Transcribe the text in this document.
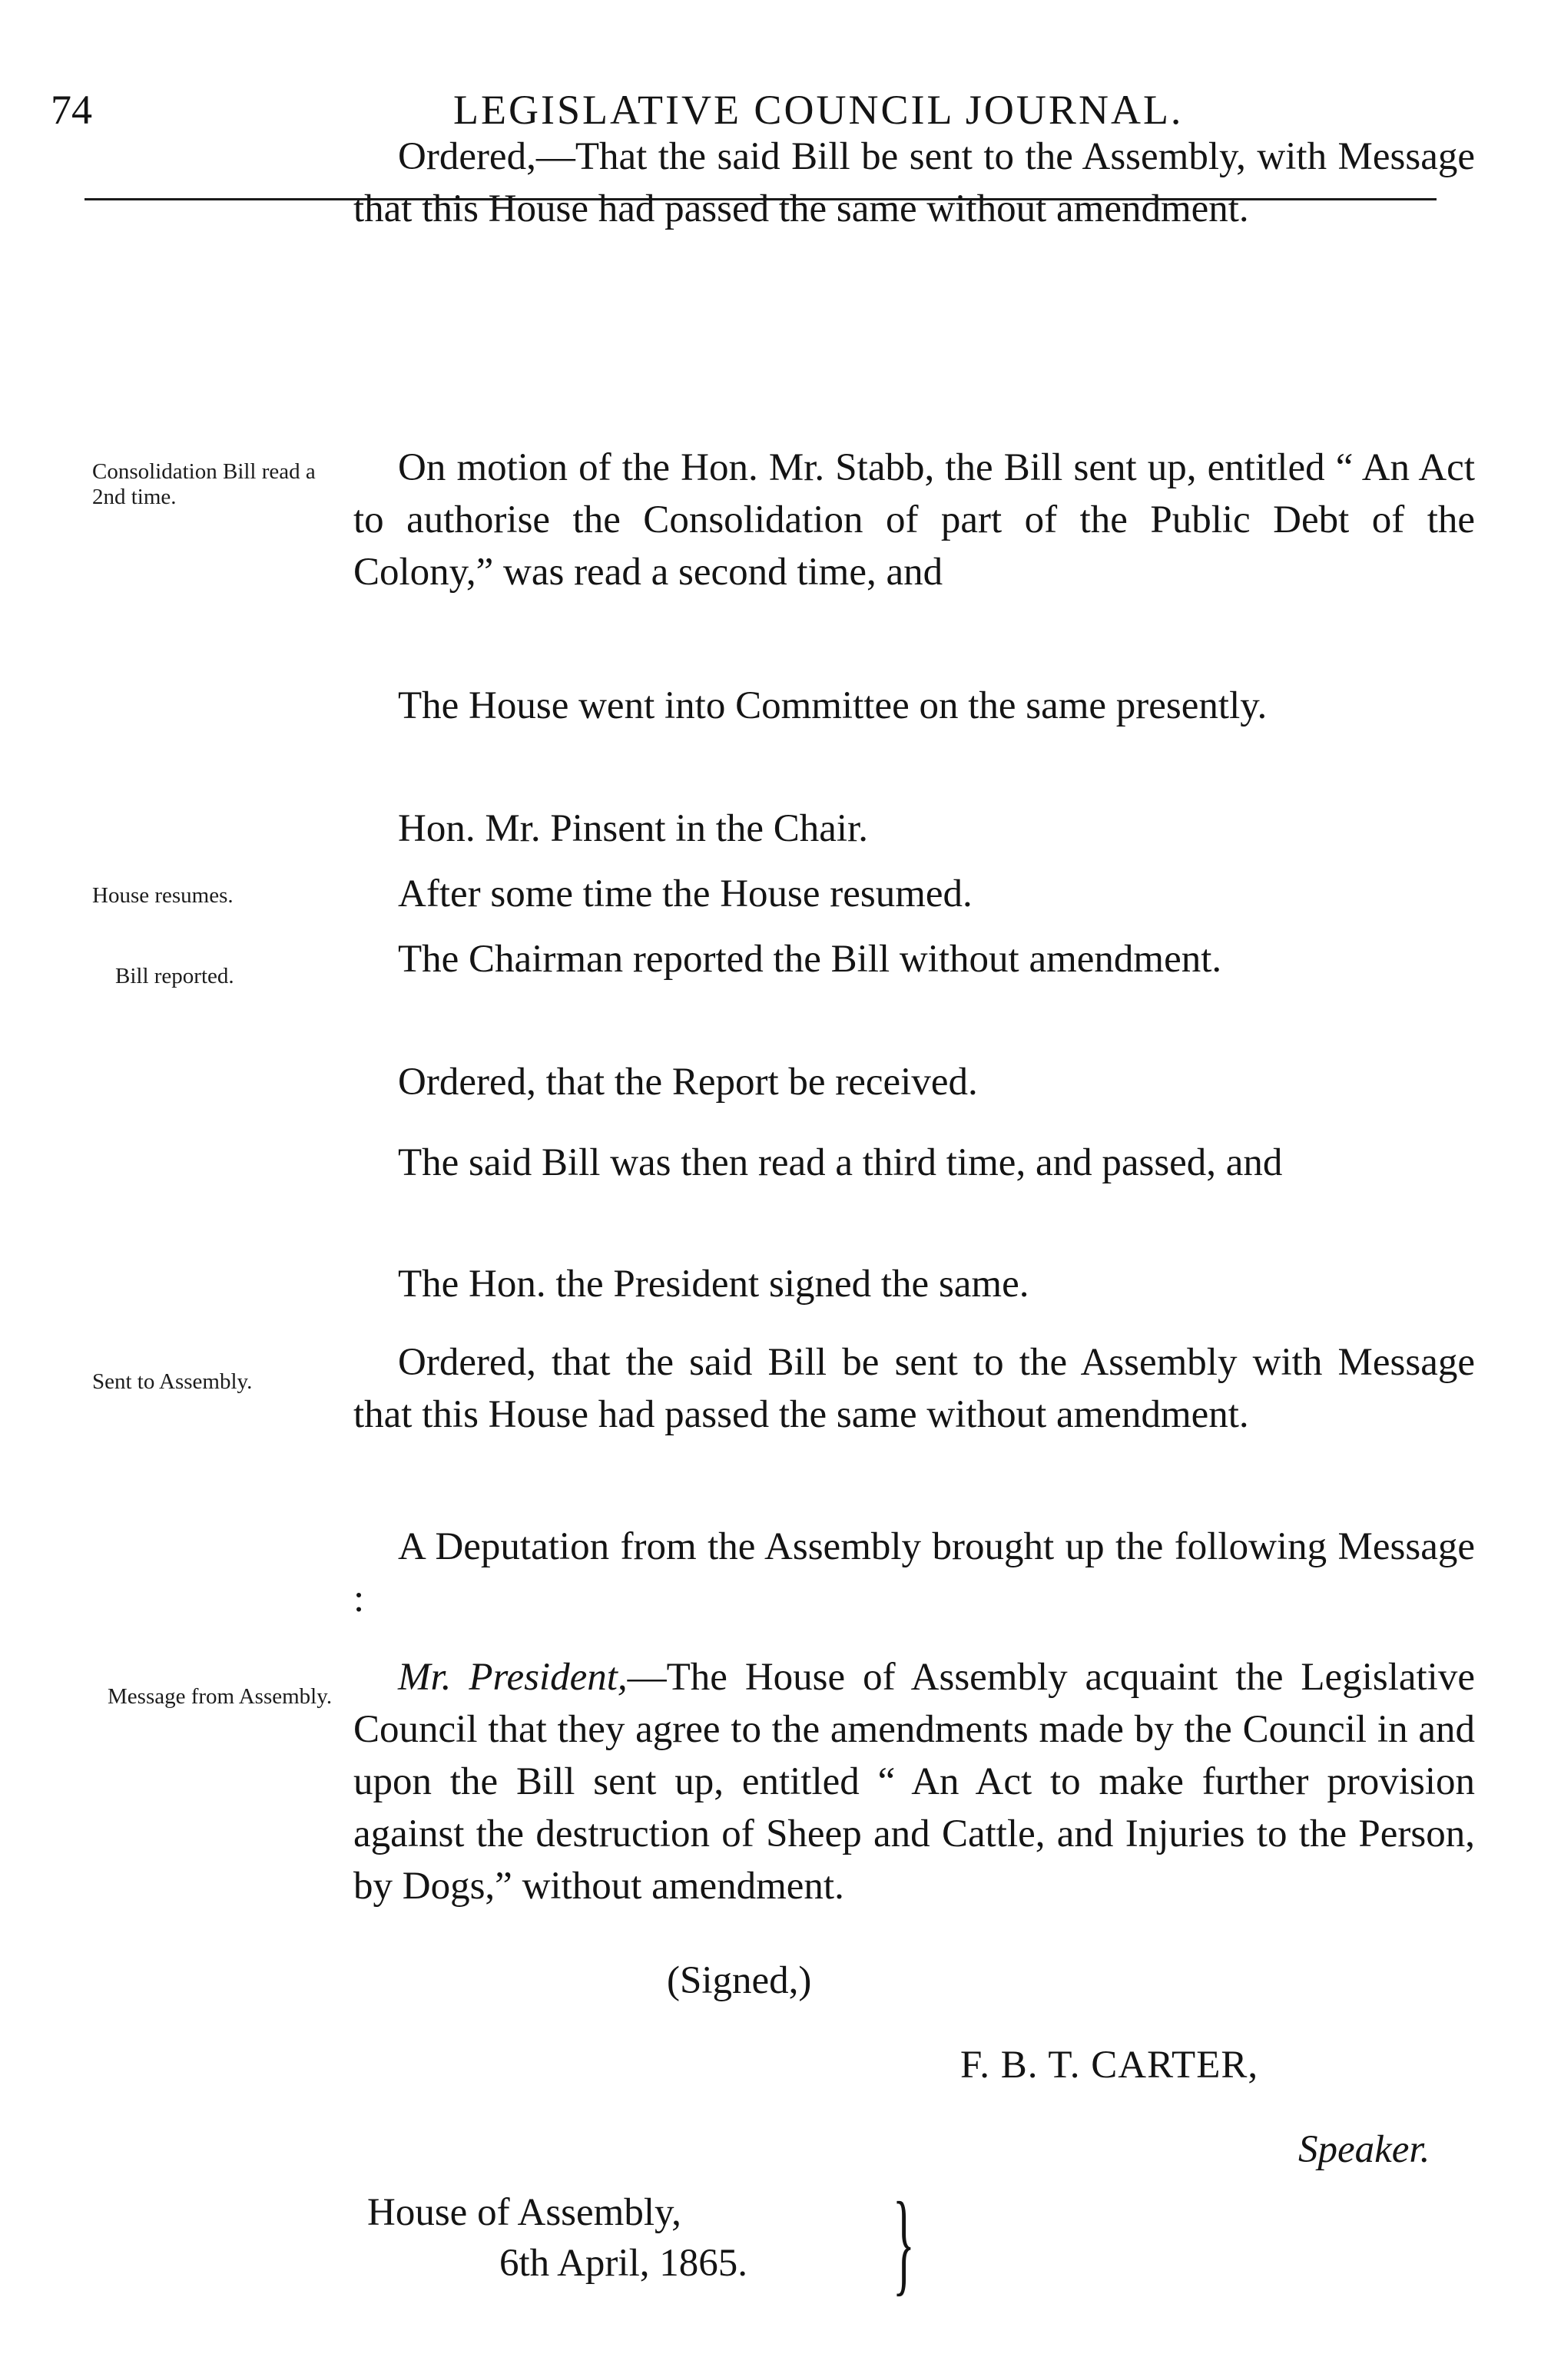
74	LEGISLATIVE COUNCIL JOURNAL.

Ordered,—That the said Bill be sent to the Assembly, with Message that this House had passed the same without amendment.

Consolidation Bill read a 2nd time.

On motion of the Hon. Mr. Stabb, the Bill sent up, entitled “ An Act to authorise the Consolidation of part of the Public Debt of the Colony,” was read a second time, and

The House went into Committee on the same presently.

Hon. Mr. Pinsent in the Chair.

House resumes.	After some time the House resumed.

Bill reported.	The Chairman reported the Bill without amendment.

Ordered, that the Report be received.

The said Bill was then read a third time, and passed, and

The Hon. the President signed the same.

Sent to Assembly.	Ordered, that the said Bill be sent to the Assembly with Message that this House had passed the same without amendment.

A Deputation from the Assembly brought up the following Message :

Message from Assembly.	Mr. President,—The House of Assembly acquaint the Legislative Council that they agree to the amendments made by the Council in and upon the Bill sent up, entitled “ An Act to make further provision against the destruction of Sheep and Cattle, and Injuries to the Person, by Dogs,” without amendment.

(Signed,)
F. B. T. CARTER,
Speaker.
House of Assembly,
6th April, 1865. }
